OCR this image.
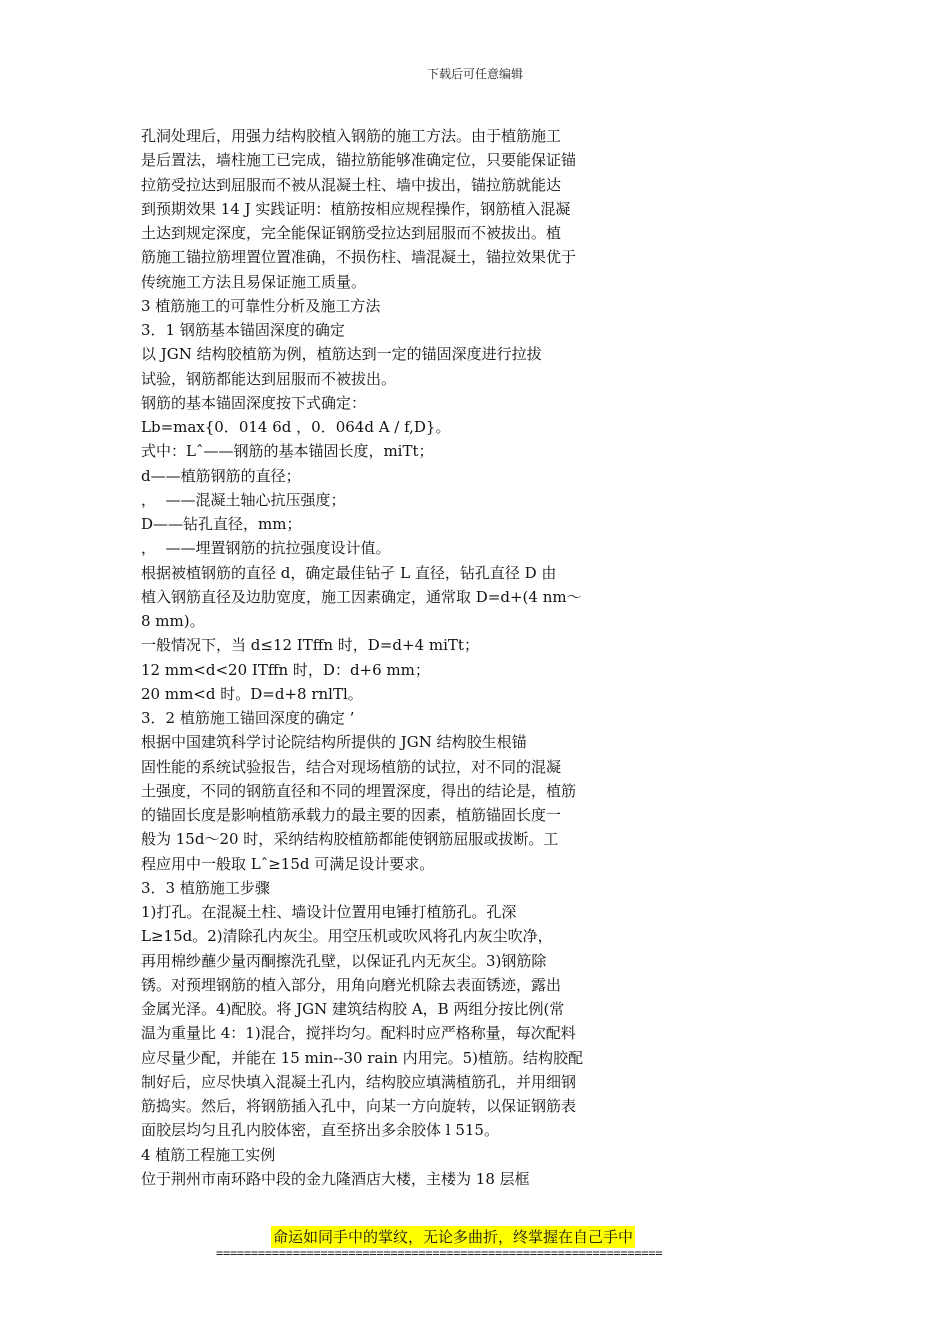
下载后可任意编辑
孔洞处理后，用强力结构胶植入钢筋的施工方法。由于植筋施工
是后置法，墙柱施工已完成，锚拉筋能够准确定位，只要能保证锚
拉筋受拉达到屈服而不被从混凝土柱、墙中拔出，锚拉筋就能达
到预期效果 14 J 实践证明：植筋按相应规程操作，钢筋植入混凝
土达到规定深度，完全能保证钢筋受拉达到屈服而不被拔出。植
筋施工锚拉筋埋置位置准确，不损伤柱、墙混凝土，锚拉效果优于
传统施工方法且易保证施工质量。
3 植筋施工的可靠性分析及施工方法
3．1 钢筋基本锚固深度的确定
以 JGN 结构胶植筋为例，植筋达到一定的锚固深度进行拉拔
试验，钢筋都能达到屈服而不被拔出。
钢筋的基本锚固深度按下式确定：
Lb=max{0．014 6d ，0．064d A / f,D}。
式中：Lˆ——钢筋的基本锚固长度，miTt；
d——植筋钢筋的直径；
，  ——混凝土轴心抗压强度；
D——钻孔直径，mm；
，  ——埋置钢筋的抗拉强度设计值。
根据被植钢筋的直径 d，确定最佳钻孑 L 直径，钻孔直径 D 由
植入钢筋直径及边肋宽度，施工因素确定，通常取 D=d+(4 nm～
8 mm)。
一般情况下，当 d≤12 ITffn 时，D=d+4 miTt；
12 mm<d<20 ITffn 时，D：d+6 mm；
20 mm<d 时。D=d+8 rnlTl。
3．2 植筋施工锚回深度的确定 ’
根据中国建筑科学讨论院结构所提供的 JGN 结构胶生根锚
固性能的系统试验报告，结合对现场植筋的试拉，对不同的混凝
土强度，不同的钢筋直径和不同的埋置深度，得出的结论是，植筋
的锚固长度是影响植筋承载力的最主要的因素，植筋锚固长度一
般为 15d～20 时，采纳结构胶植筋都能使钢筋屈服或拔断。工
程应用中一般取 Lˆ≥15d 可满足设计要求。
3．3 植筋施工步骤
1)打孔。在混凝土柱、墙设计位置用电锤打植筋孔。孔深
L≥15d。2)清除孔内灰尘。用空压机或吹风将孔内灰尘吹净，
再用棉纱蘸少量丙酮擦洗孔壁，以保证孔内无灰尘。3)钢筋除
锈。对预埋钢筋的植入部分，用角向磨光机除去表面锈迹，露出
金属光泽。4)配胶。将 JGN 建筑结构胶 A，B 两组分按比例(常
温为重量比 4：1)混合，搅拌均匀。配料时应严格称量，每次配料
应尽量少配，并能在 15 min--30 rain 内用完。5)植筋。结构胶配
制好后，应尽快填入混凝土孔内，结构胶应填满植筋孔，并用细钢
筋捣实。然后，将钢筋插入孔中，向某一方向旋转，以保证钢筋表
面胶层均匀且孔内胶体密，直至挤出多余胶体 l 515。
4 植筋工程施工实例
位于荆州市南环路中段的金九隆酒店大楼，主楼为 18 层框
命运如同手中的掌纹，无论多曲折，终掌握在自己手中
================================================================
